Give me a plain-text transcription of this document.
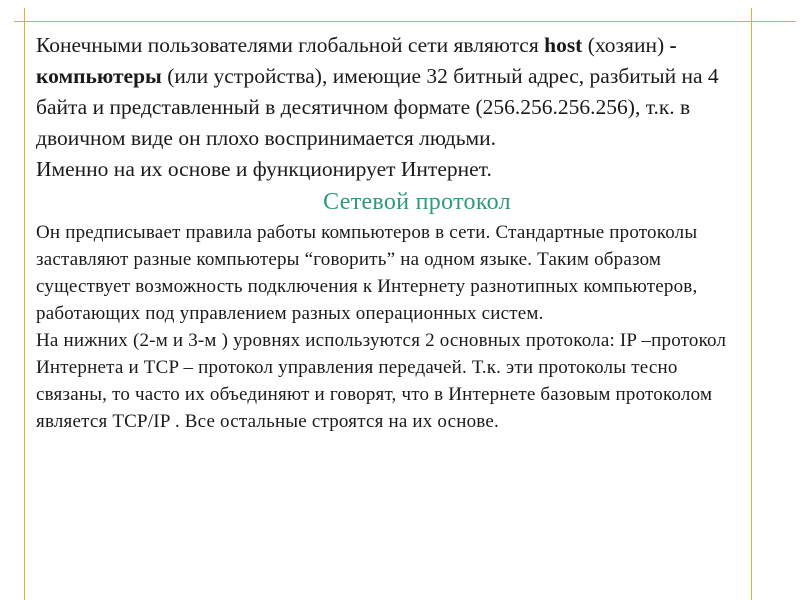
Конечными пользователями глобальной сети являются host (хозяин) - компьютеры (или устройства), имеющие 32 битный адрес, разбитый на 4 байта и представленный в десятичном формате (256.256.256.256), т.к. в двоичном виде он плохо воспринимается людьми.

Именно на их основе и функционирует Интернет.

Сетевой протокол

Он предписывает правила работы компьютеров в сети. Стандартные протоколы заставляют разные компьютеры “говорить” на одном языке. Таким образом существует возможность подключения к Интернету разнотипных компьютеров, работающих под управлением разных операционных систем.
На нижних (2-м и 3-м ) уровнях используются 2 основных протокола: IP –протокол Интернета и TCP – протокол управления передачей. Т.к. эти протоколы тесно связаны, то часто их объединяют и говорят, что в Интернете базовым протоколом является TCP/IP . Все остальные строятся на их основе.
